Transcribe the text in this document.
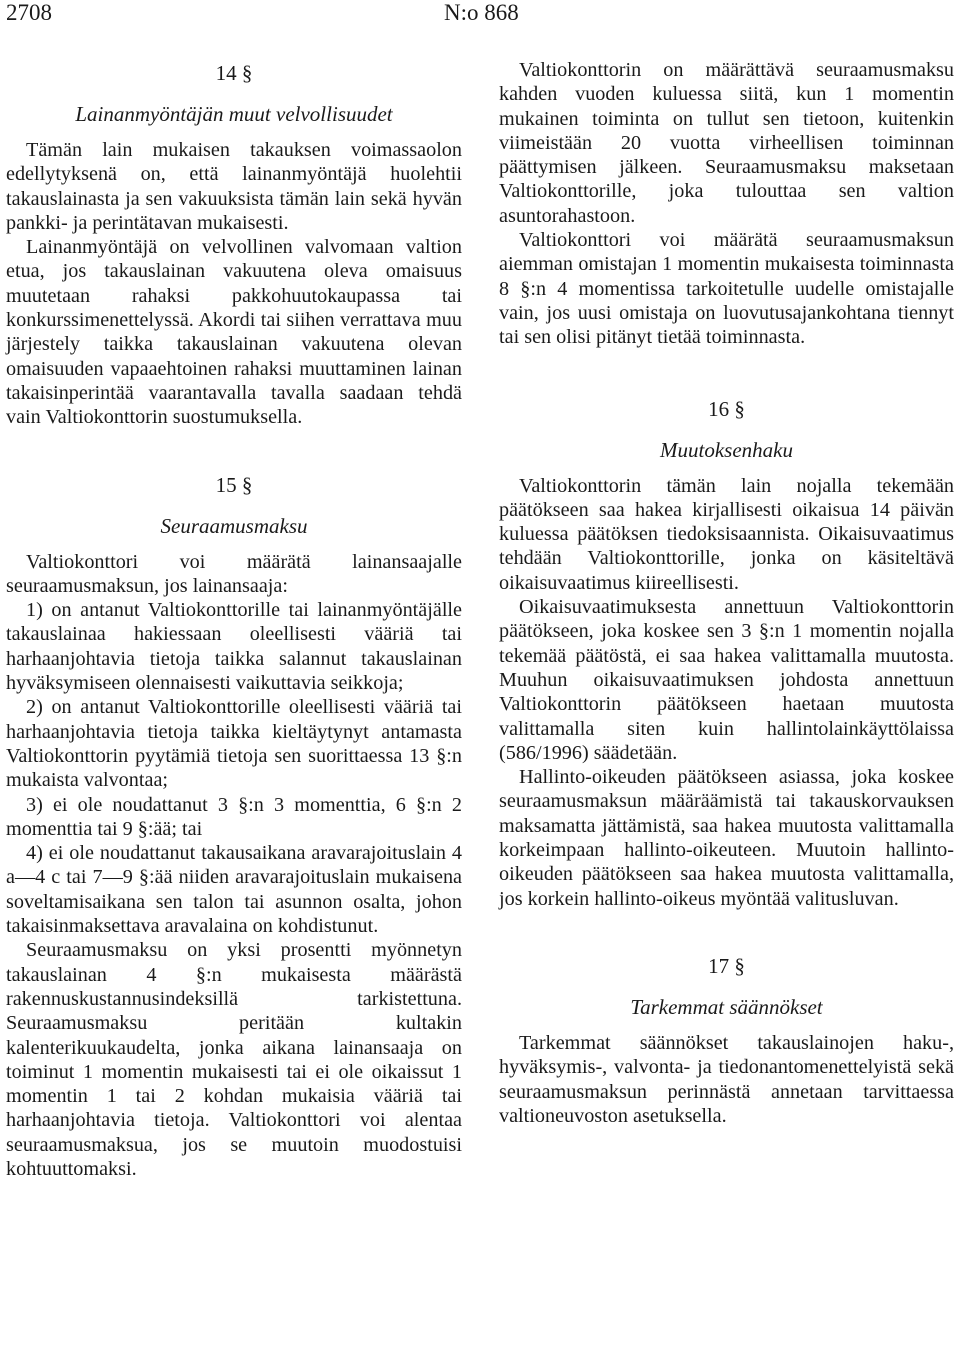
2708	N:o 868

14 §

Lainanmyöntäjän muut velvollisuudet

Tämän lain mukaisen takauksen voimassaolon edellytyksenä on, että lainanmyöntäjä huolehtii takauslainasta ja sen vakuuksista tämän lain sekä hyvän pankki- ja perintätavan mukaisesti.

Lainanmyöntäjä on velvollinen valvomaan valtion etua, jos takauslainan vakuutena oleva omaisuus muutetaan rahaksi pakkohuutokaupassa tai konkurssimenettelyssä. Akordi tai siihen verrattava muu järjestely taikka takauslainan vakuutena olevan omaisuuden vapaaehtoinen rahaksi muuttaminen lainan takaisinperintää vaarantavalla tavalla saadaan tehdä vain Valtiokonttorin suostumuksella.

15 §

Seuraamusmaksu

Valtiokonttori voi määrätä lainansaajalle seuraamusmaksun, jos lainansaaja:

1) on antanut Valtiokonttorille tai lainanmyöntäjälle takauslainaa hakiessaan oleellisesti vääriä tai harhaanjohtavia tietoja taikka salannut takauslainan hyväksymiseen olennaisesti vaikuttavia seikkoja;

2) on antanut Valtiokonttorille oleellisesti vääriä tai harhaanjohtavia tietoja taikka kieltäytynyt antamasta Valtiokonttorin pyytämiä tietoja sen suorittaessa 13 §:n mukaista valvontaa;

3) ei ole noudattanut 3 §:n 3 momenttia, 6 §:n 2 momenttia tai 9 §:ää; tai

4) ei ole noudattanut takausaikana aravarajoituslain 4 a—4 c tai 7—9 §:ää niiden aravarajoituslain mukaisena soveltamisaikana sen talon tai asunnon osalta, johon takaisinmaksettava aravalaina on kohdistunut.

Seuraamusmaksu on yksi prosentti myönnetyn takauslainan 4 §:n mukaisesta määrästä rakennuskustannusindeksillä tarkistettuna. Seuraamusmaksu peritään kultakin kalenterikuukaudelta, jonka aikana lainansaaja on toiminut 1 momentin mukaisesti tai ei ole oikaissut 1 momentin 1 tai 2 kohdan mukaisia vääriä tai harhaanjohtavia tietoja. Valtiokonttori voi alentaa seuraamusmaksua, jos se muutoin muodostuisi kohtuuttomaksi.

Valtiokonttorin on määrättävä seuraamusmaksu kahden vuoden kuluessa siitä, kun 1 momentin mukainen toiminta on tullut sen tietoon, kuitenkin viimeistään 20 vuotta virheellisen toiminnan päättymisen jälkeen. Seuraamusmaksu maksetaan Valtiokonttorille, joka tulouttaa sen valtion asuntorahastoon.

Valtiokonttori voi määrätä seuraamusmaksun aiemman omistajan 1 momentin mukaisesta toiminnasta 8 §:n 4 momentissa tarkoitetulle uudelle omistajalle vain, jos uusi omistaja on luovutusajankohtana tiennyt tai sen olisi pitänyt tietää toiminnasta.

16 §

Muutoksenhaku

Valtiokonttorin tämän lain nojalla tekemään päätökseen saa hakea kirjallisesti oikaisua 14 päivän kuluessa päätöksen tiedoksisaannista. Oikaisuvaatimus tehdään Valtiokonttorille, jonka on käsiteltävä oikaisuvaatimus kiireellisesti.

Oikaisuvaatimuksesta annettuun Valtiokonttorin päätökseen, joka koskee sen 3 §:n 1 momentin nojalla tekemää päätöstä, ei saa hakea valittamalla muutosta. Muuhun oikaisuvaatimuksen johdosta annettuun Valtiokonttorin päätökseen haetaan muutosta valittamalla siten kuin hallintolainkäyttölaissa (586/1996) säädetään.

Hallinto-oikeuden päätökseen asiassa, joka koskee seuraamusmaksun määräämistä tai takauskorvauksen maksamatta jättämistä, saa hakea muutosta valittamalla korkeimpaan hallinto-oikeuteen. Muutoin hallinto-oikeuden päätökseen saa hakea muutosta valittamalla, jos korkein hallinto-oikeus myöntää valitusluvan.

17 §

Tarkemmat säännökset

Tarkemmat säännökset takauslainojen haku-, hyväksymis-, valvonta- ja tiedonantomenettelyistä sekä seuraamusmaksun perinnästä annetaan tarvittaessa valtioneuvoston asetuksella.
